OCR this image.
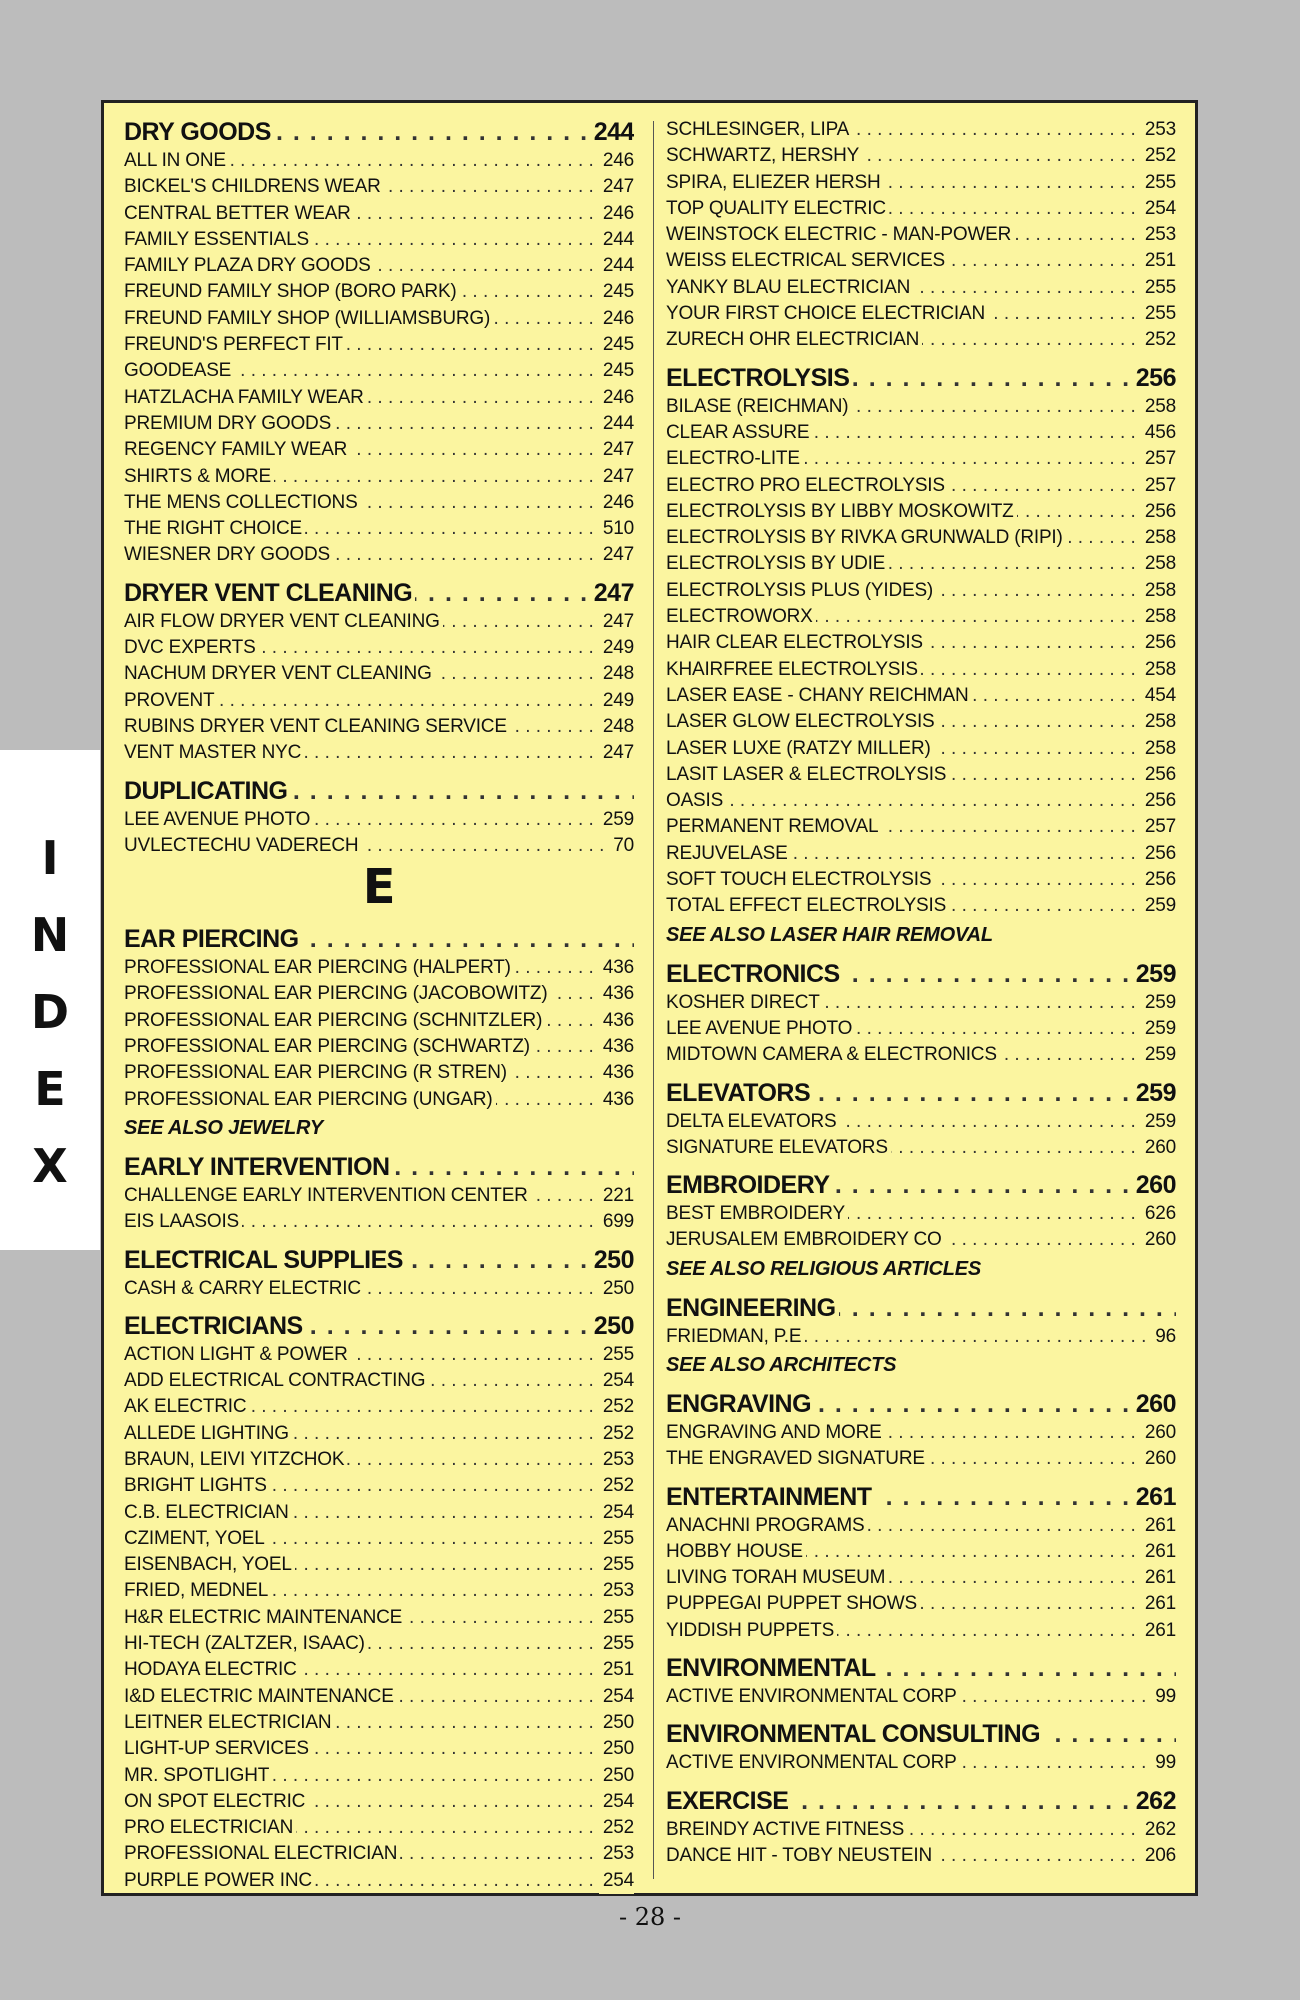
I
N
D
E
X
. . .
DRY GOODS	244
. . .
ALL IN ONE	246
. . .
BICKEL'S CHILDRENS WEAR	247
. . .
CENTRAL BETTER WEAR	246
. . .
FAMILY ESSENTIALS	244
. . .
FAMILY PLAZA DRY GOODS	244
. . .
FREUND FAMILY SHOP (BORO PARK)	245
. . .
FREUND FAMILY SHOP (WILLIAMSBURG)	246
. . .
FREUND'S PERFECT FIT	245
. . .
GOODEASE	245
. . .
HATZLACHA FAMILY WEAR	246
. . .
PREMIUM DRY GOODS	244
. . .
REGENCY FAMILY WEAR	247
. . .
SHIRTS & MORE	247
. . .
THE MENS COLLECTIONS	246
. . .
THE RIGHT CHOICE	510
. . .
WIESNER DRY GOODS	247
. . .
DRYER VENT CLEANING	247
. . .
AIR FLOW DRYER VENT CLEANING	247
. . .
DVC EXPERTS	249
. . .
NACHUM DRYER VENT CLEANING	248
. . .
PROVENT	249
. . .
RUBINS DRYER VENT CLEANING SERVICE	248
. . .
VENT MASTER NYC	247
. . .
DUPLICATING
. . .
LEE AVENUE PHOTO	259
. . .
UVLECTECHU VADERECH	70
E
. . .
EAR PIERCING
. . .
PROFESSIONAL EAR PIERCING (HALPERT)	436
. . .
PROFESSIONAL EAR PIERCING (JACOBOWITZ)	436
. . .
PROFESSIONAL EAR PIERCING (SCHNITZLER)	436
. . .
PROFESSIONAL EAR PIERCING (SCHWARTZ)	436
. . .
PROFESSIONAL EAR PIERCING (R STREN)	436
. . .
PROFESSIONAL EAR PIERCING (UNGAR)	436
SEE ALSO JEWELRY
. . .
EARLY INTERVENTION
. . .
CHALLENGE EARLY INTERVENTION CENTER	221
. . .
EIS LAASOIS	699
. . .
ELECTRICAL SUPPLIES	250
. . .
CASH & CARRY ELECTRIC	250
. . .
ELECTRICIANS	250
. . .
ACTION LIGHT & POWER	255
. . .
ADD ELECTRICAL CONTRACTING	254
. . .
AK ELECTRIC	252
. . .
ALLEDE LIGHTING	252
. . .
BRAUN, LEIVI YITZCHOK	253
. . .
BRIGHT LIGHTS	252
. . .
C.B. ELECTRICIAN	254
. . .
CZIMENT, YOEL	255
. . .
EISENBACH, YOEL	255
. . .
FRIED, MEDNEL	253
. . .
H&R ELECTRIC MAINTENANCE	255
. . .
HI-TECH (ZALTZER, ISAAC)	255
. . .
HODAYA ELECTRIC	251
. . .
I&D ELECTRIC MAINTENANCE	254
. . .
LEITNER ELECTRICIAN	250
. . .
LIGHT-UP SERVICES	250
. . .
MR. SPOTLIGHT	250
. . .
ON SPOT ELECTRIC	254
. . .
PRO ELECTRICIAN	252
. . .
PROFESSIONAL ELECTRICIAN	253
. . .
PURPLE POWER INC	254
. . .
SCHLESINGER, LIPA	253
. . .
SCHWARTZ, HERSHY	252
. . .
SPIRA, ELIEZER HERSH	255
. . .
TOP QUALITY ELECTRIC	254
. . .
WEINSTOCK ELECTRIC - MAN-POWER	253
. . .
WEISS ELECTRICAL SERVICES	251
. . .
YANKY BLAU ELECTRICIAN	255
. . .
YOUR FIRST CHOICE ELECTRICIAN	255
. . .
ZURECH OHR ELECTRICIAN	252
. . .
ELECTROLYSIS	256
. . .
BILASE (REICHMAN)	258
. . .
CLEAR ASSURE	456
. . .
ELECTRO-LITE	257
. . .
ELECTRO PRO ELECTROLYSIS	257
. . .
ELECTROLYSIS BY LIBBY MOSKOWITZ	256
. . .
ELECTROLYSIS BY RIVKA GRUNWALD (RIPI)	258
. . .
ELECTROLYSIS BY UDIE	258
. . .
ELECTROLYSIS PLUS (YIDES)	258
. . .
ELECTROWORX	258
. . .
HAIR CLEAR ELECTROLYSIS	256
. . .
KHAIRFREE ELECTROLYSIS	258
. . .
LASER EASE - CHANY REICHMAN	454
. . .
LASER GLOW ELECTROLYSIS	258
. . .
LASER LUXE (RATZY MILLER)	258
. . .
LASIT LASER & ELECTROLYSIS	256
. . .
OASIS	256
. . .
PERMANENT REMOVAL	257
. . .
REJUVELASE	256
. . .
SOFT TOUCH ELECTROLYSIS	256
. . .
TOTAL EFFECT ELECTROLYSIS	259
SEE ALSO LASER HAIR REMOVAL
. . .
ELECTRONICS	259
. . .
KOSHER DIRECT	259
. . .
LEE AVENUE PHOTO	259
. . .
MIDTOWN CAMERA & ELECTRONICS	259
. . .
ELEVATORS	259
. . .
DELTA ELEVATORS	259
. . .
SIGNATURE ELEVATORS	260
. . .
EMBROIDERY	260
. . .
BEST EMBROIDERY	626
. . .
JERUSALEM EMBROIDERY CO	260
SEE ALSO RELIGIOUS ARTICLES
. . .
ENGINEERING
. . .
FRIEDMAN, P.E	96
SEE ALSO ARCHITECTS
. . .
ENGRAVING	260
. . .
ENGRAVING AND MORE	260
. . .
THE ENGRAVED SIGNATURE	260
. . .
ENTERTAINMENT	261
. . .
ANACHNI PROGRAMS	261
. . .
HOBBY HOUSE	261
. . .
LIVING TORAH MUSEUM	261
. . .
PUPPEGAI PUPPET SHOWS	261
. . .
YIDDISH PUPPETS	261
. . .
ENVIRONMENTAL
. . .
ACTIVE ENVIRONMENTAL CORP	99
. . .
ENVIRONMENTAL CONSULTING
. . .
ACTIVE ENVIRONMENTAL CORP	99
. . .
EXERCISE	262
. . .
BREINDY ACTIVE FITNESS	262
. . .
DANCE HIT - TOBY NEUSTEIN	206
- 28 -
